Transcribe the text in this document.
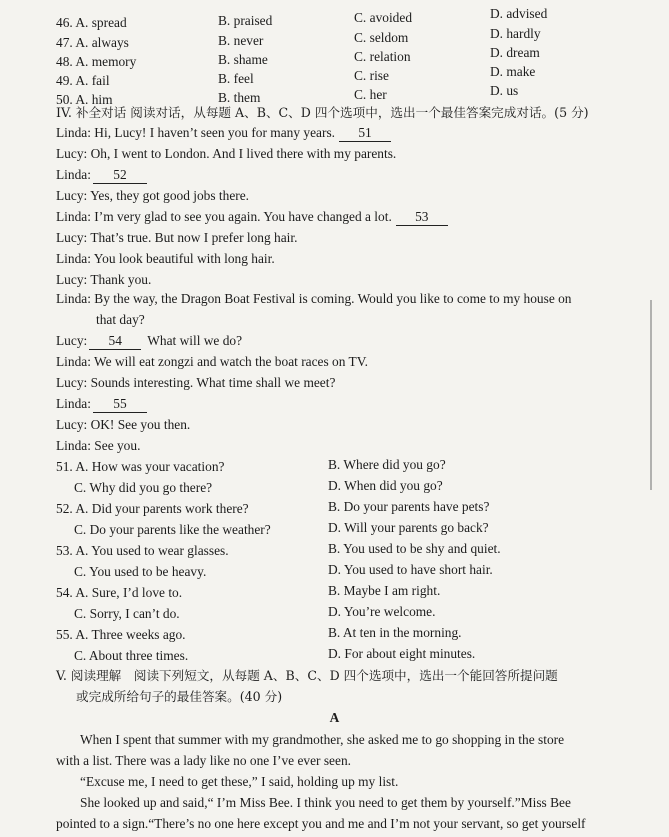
46. A. spread	B. praised	C. avoided	D. advised
47. A. always	B. never	C. seldom	D. hardly
48. A. memory	B. shame	C. relation	D. dream
49. A. fail	B. feel	C. rise	D. make
50. A. him	B. them	C. her	D. us
IV. 补全对话 阅读对话，从每题 A、B、C、D 四个选项中，选出一个最佳答案完成对话。(5 分)
Linda: Hi, Lucy! I haven’t seen you for many years. 51
Lucy: Oh, I went to London. And I lived there with my parents.
Linda: 52
Lucy: Yes, they got good jobs there.
Linda: I’m very glad to see you again. You have changed a lot. 53
Lucy: That’s true. But now I prefer long hair.
Linda: You look beautiful with long hair.
Lucy: Thank you.
Linda: By the way, the Dragon Boat Festival is coming. Would you like to come to my house on
that day?
Lucy: 54 What will we do?
Linda: We will eat zongzi and watch the boat races on TV.
Lucy: Sounds interesting. What time shall we meet?
Linda: 55
Lucy: OK! See you then.
Linda: See you.
51. A. How was your vacation?	B. Where did you go?
C. Why did you go there?	D. When did you go?
52. A. Did your parents work there?	B. Do your parents have pets?
C. Do your parents like the weather?	D. Will your parents go back?
53. A. You used to wear glasses.	B. You used to be shy and quiet.
C. You used to be heavy.	D. You used to have short hair.
54. A. Sure, I’d love to.	B. Maybe I am right.
C. Sorry, I can’t do.	D. You’re welcome.
55. A. Three weeks ago.	B. At ten in the morning.
C. About three times.	D. For about eight minutes.
V. 阅读理解　阅读下列短文，从每题 A、B、C、D 四个选项中，选出一个能回答所提问题
或完成所给句子的最佳答案。(40 分)
A
When I spent that summer with my grandmother, she asked me to go shopping in the store
with a list. There was a lady like no one I’ve ever seen.
“Excuse me, I need to get these,” I said, holding up my list.
She looked up and said,“ I’m Miss Bee. I think you need to get them by yourself.”Miss Bee
pointed to a sign.“There’s no one here except you and me and I’m not your servant, so get yourself
